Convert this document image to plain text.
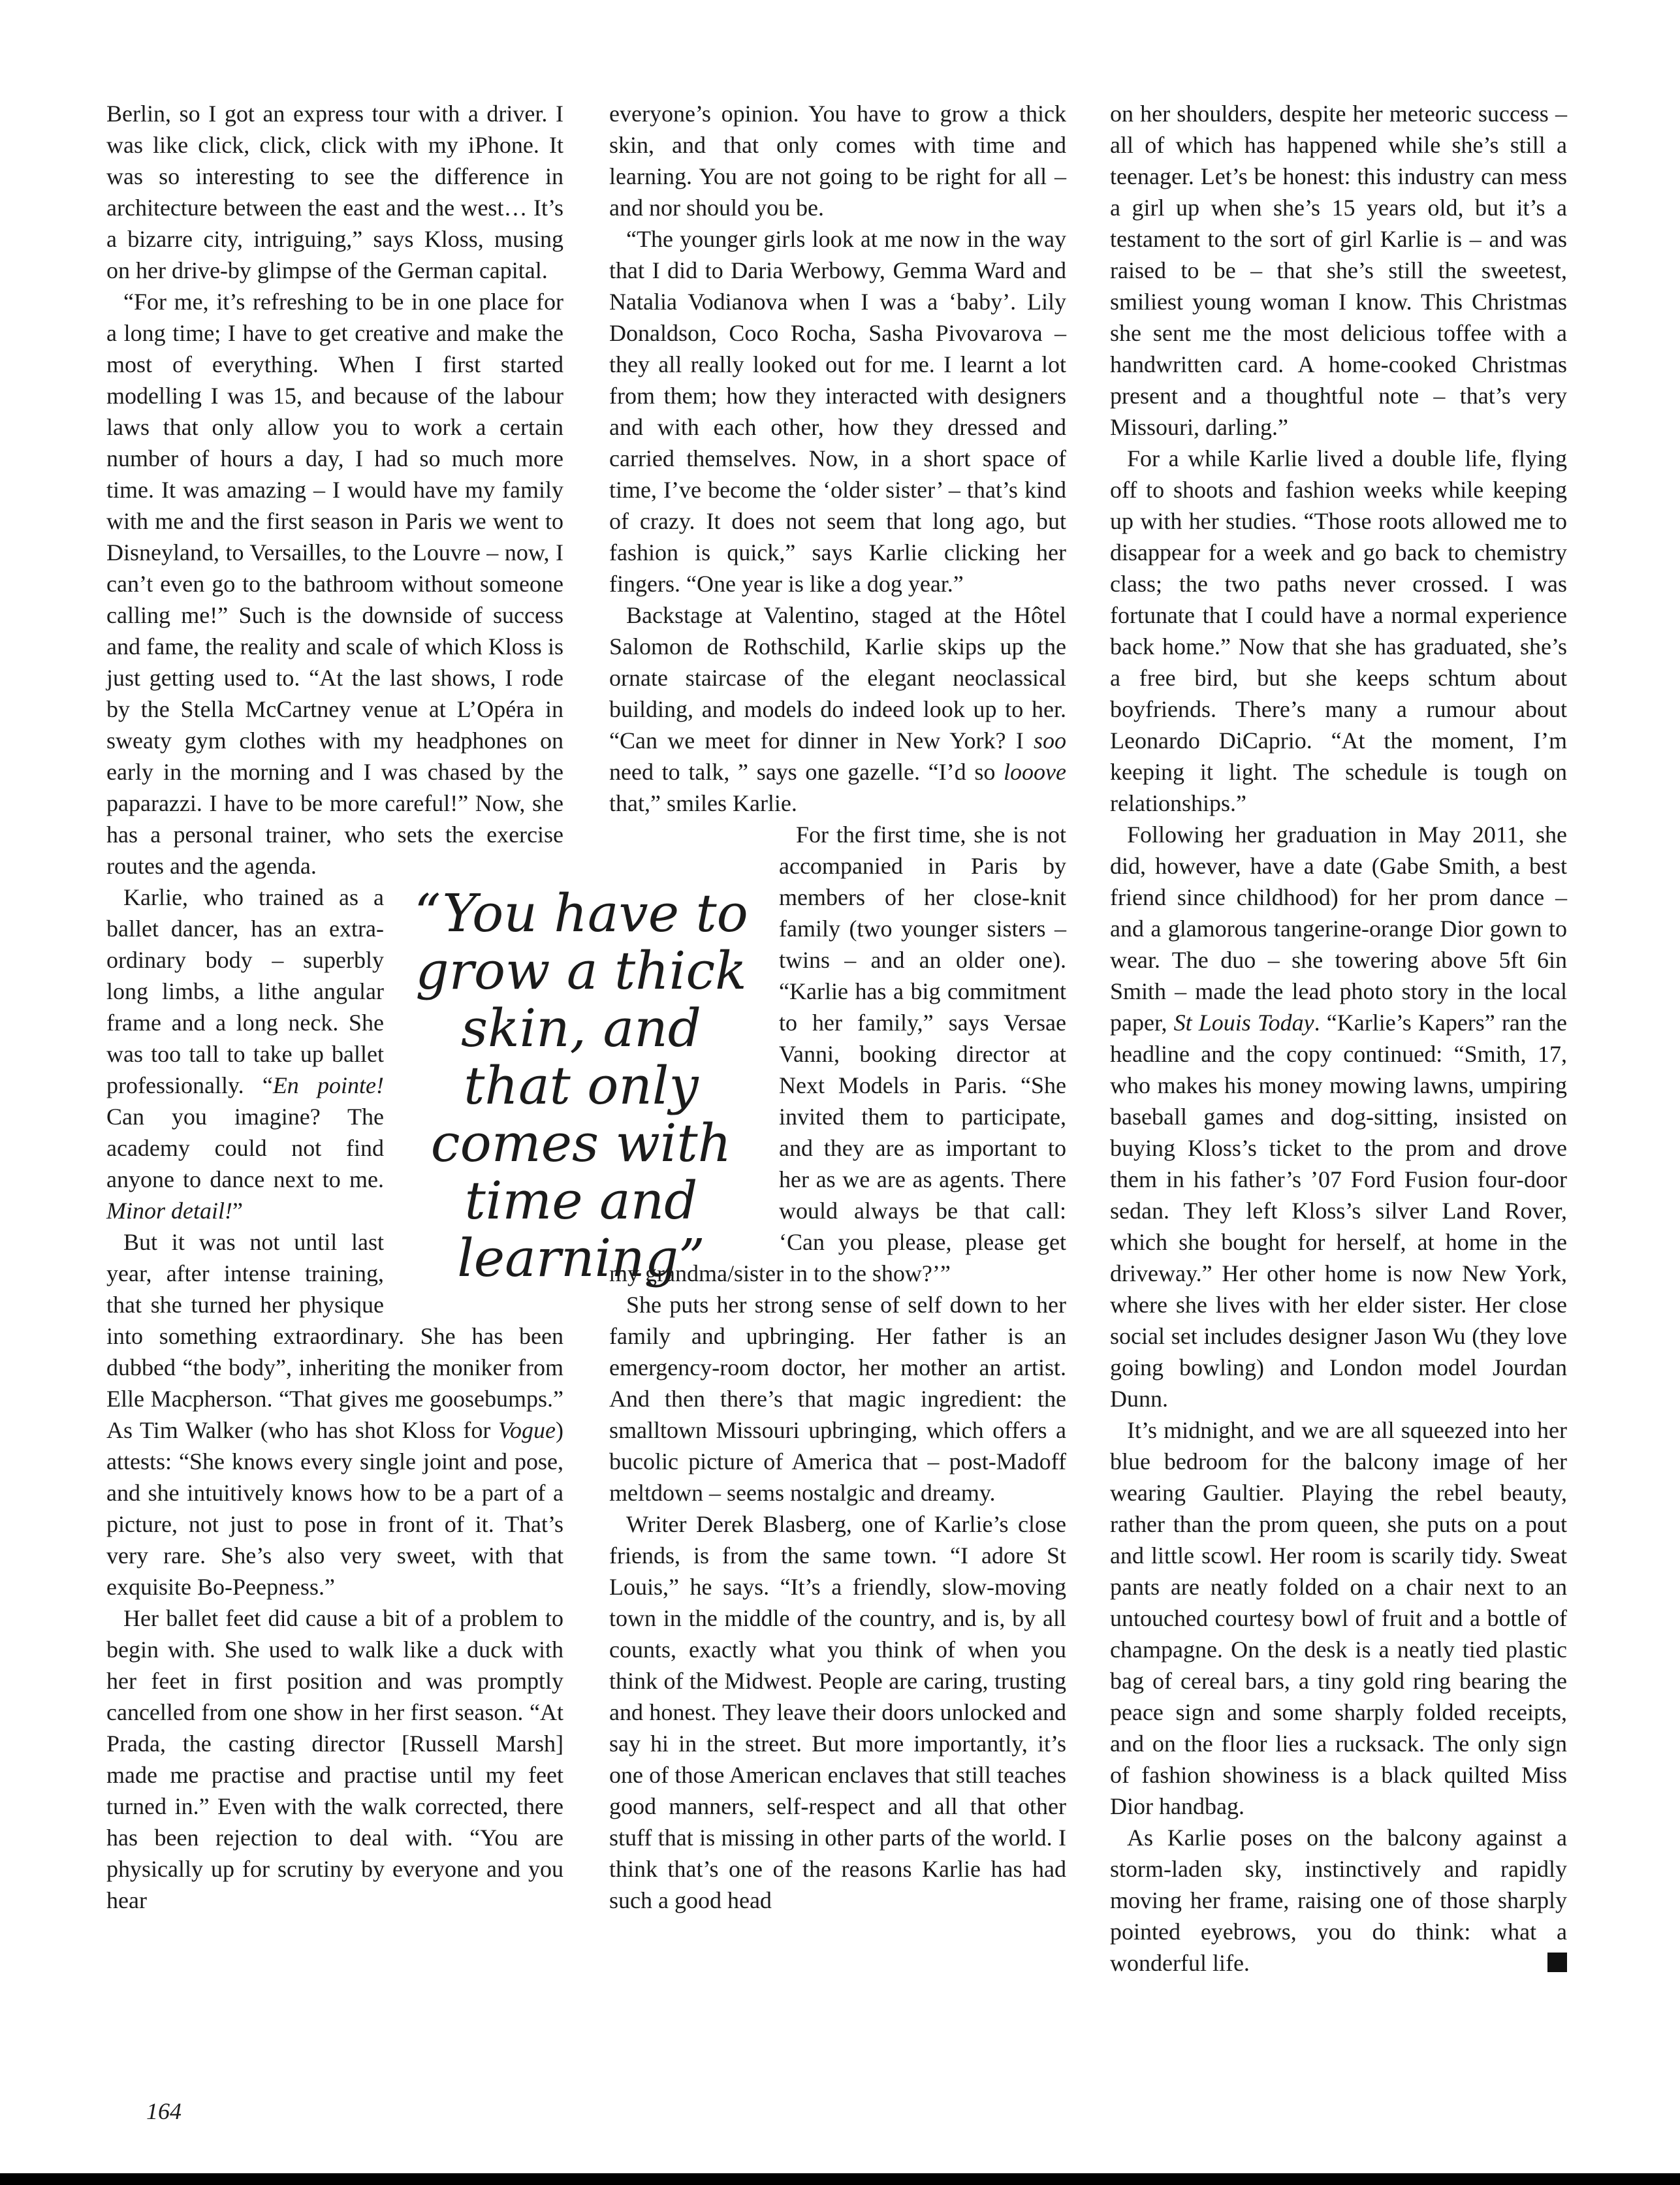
Berlin, so I got an express tour with a driver. I was like click, click, click with my iPhone. It was so interesting to see the difference in architecture between the east and the west… It’s a bizarre city, intriguing,” says Kloss, musing on her drive-by glimpse of the German capital.

“For me, it’s refreshing to be in one place for a long time; I have to get creative and make the most of everything. When I first started modelling I was 15, and because of the labour laws that only allow you to work a certain number of hours a day, I had so much more time. It was amazing – I would have my family with me and the first season in Paris we went to Disneyland, to Versailles, to the Louvre – now, I can’t even go to the bathroom without someone calling me!” Such is the downside of success and fame, the reality and scale of which Kloss is just getting used to. “At the last shows, I rode by the Stella McCartney venue at L’Opéra in sweaty gym clothes with my headphones on early in the morning and I was chased by the paparazzi. I have to be more careful!” Now, she has a personal trainer, who sets the exercise routes and the agenda.

Karlie, who trained as a ballet dancer, has an extra-ordinary body – superbly long limbs, a lithe angular frame and a long neck. She was too tall to take up ballet professionally. “En pointe! Can you imagine? The academy could not find anyone to dance next to me. Minor detail!”

But it was not until last year, after intense training, that she turned her physique into something extraordinary. She has been dubbed “the body”, inheriting the moniker from Elle Macpherson. “That gives me goosebumps.” As Tim Walker (who has shot Kloss for Vogue) attests: “She knows every single joint and pose, and she intuitively knows how to be a part of a picture, not just to pose in front of it. That’s very rare. She’s also very sweet, with that exquisite Bo-Peepness.”

Her ballet feet did cause a bit of a problem to begin with. She used to walk like a duck with her feet in first position and was promptly cancelled from one show in her first season. “At Prada, the casting director [Russell Marsh] made me practise and practise until my feet turned in.” Even with the walk corrected, there has been rejection to deal with. “You are physically up for scrutiny by everyone and you hear

everyone’s opinion. You have to grow a thick skin, and that only comes with time and learning. You are not going to be right for all – and nor should you be.

“The younger girls look at me now in the way that I did to Daria Werbowy, Gemma Ward and Natalia Vodianova when I was a ‘baby’. Lily Donaldson, Coco Rocha, Sasha Pivovarova – they all really looked out for me. I learnt a lot from them; how they interacted with designers and with each other, how they dressed and carried themselves. Now, in a short space of time, I’ve become the ‘older sister’ – that’s kind of crazy. It does not seem that long ago, but fashion is quick,” says Karlie clicking her fingers. “One year is like a dog year.”

Backstage at Valentino, staged at the Hôtel Salomon de Rothschild, Karlie skips up the ornate staircase of the elegant neoclassical building, and models do indeed look up to her. “Can we meet for dinner in New York? I soo need to talk, ” says one gazelle. “I’d so looove that,” smiles Karlie.

For the first time, she is not accompanied in Paris by members of her close-knit family (two younger sisters – twins – and an older one). “Karlie has a big commitment to her family,” says Versae Vanni, booking director at Next Models in Paris. “She invited them to participate, and they are as important to her as we are as agents. There would always be that call: ‘Can you please, please get my grandma/sister in to the show?’”

She puts her strong sense of self down to her family and upbringing. Her father is an emergency-room doctor, her mother an artist. And then there’s that magic ingredient: the smalltown Missouri upbringing, which offers a bucolic picture of America that – post-Madoff meltdown – seems nostalgic and dreamy.

Writer Derek Blasberg, one of Karlie’s close friends, is from the same town. “I adore St Louis,” he says. “It’s a friendly, slow-moving town in the middle of the country, and is, by all counts, exactly what you think of when you think of the Midwest. People are caring, trusting and honest. They leave their doors unlocked and say hi in the street. But more importantly, it’s one of those American enclaves that still teaches good manners, self-respect and all that other stuff that is missing in other parts of the world. I think that’s one of the reasons Karlie has had such a good head

on her shoulders, despite her meteoric success – all of which has happened while she’s still a teenager. Let’s be honest: this industry can mess a girl up when she’s 15 years old, but it’s a testament to the sort of girl Karlie is – and was raised to be – that she’s still the sweetest, smiliest young woman I know. This Christmas she sent me the most delicious toffee with a handwritten card. A home-cooked Christmas present and a thoughtful note – that’s very Missouri, darling.”

For a while Karlie lived a double life, flying off to shoots and fashion weeks while keeping up with her studies. “Those roots allowed me to disappear for a week and go back to chemistry class; the two paths never crossed. I was fortunate that I could have a normal experience back home.” Now that she has graduated, she’s a free bird, but she keeps schtum about boyfriends. There’s many a rumour about Leonardo DiCaprio. “At the moment, I’m keeping it light. The schedule is tough on relationships.”

Following her graduation in May 2011, she did, however, have a date (Gabe Smith, a best friend since childhood) for her prom dance – and a glamorous tangerine-orange Dior gown to wear. The duo – she towering above 5ft 6in Smith – made the lead photo story in the local paper, St Louis Today. “Karlie’s Kapers” ran the headline and the copy continued: “Smith, 17, who makes his money mowing lawns, umpiring baseball games and dog-sitting, insisted on buying Kloss’s ticket to the prom and drove them in his father’s ’07 Ford Fusion four-door sedan. They left Kloss’s silver Land Rover, which she bought for herself, at home in the driveway.” Her other home is now New York, where she lives with her elder sister. Her close social set includes designer Jason Wu (they love going bowling) and London model Jourdan Dunn.

It’s midnight, and we are all squeezed into her blue bedroom for the balcony image of her wearing Gaultier. Playing the rebel beauty, rather than the prom queen, she puts on a pout and little scowl. Her room is scarily tidy. Sweat pants are neatly folded on a chair next to an untouched courtesy bowl of fruit and a bottle of champagne. On the desk is a neatly tied plastic bag of cereal bars, a tiny gold ring bearing the peace sign and some sharply folded receipts, and on the floor lies a rucksack. The only sign of fashion showiness is a black quilted Miss Dior handbag.

As Karlie poses on the balcony against a storm-laden sky, instinctively and rapidly moving her frame, raising one of those sharply pointed eyebrows, you do think: what a wonderful life.

“You have to grow a thick skin, and that only comes with time and learning”
164
